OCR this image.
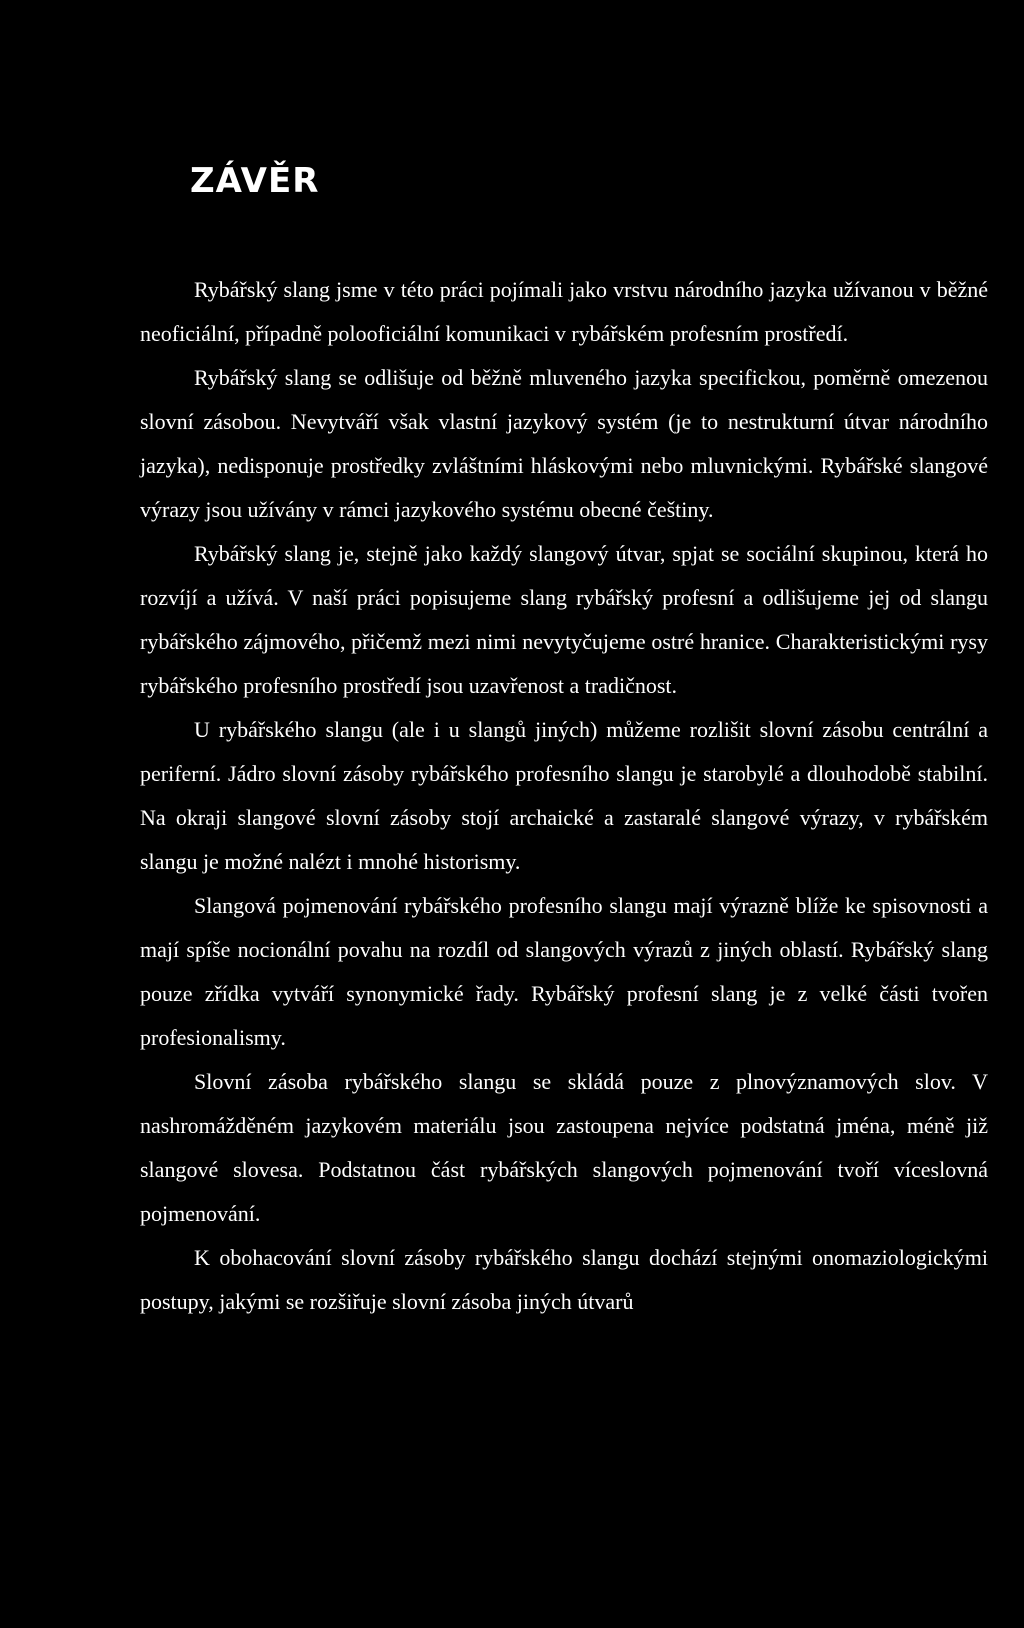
ZÁVĚR

Rybářský slang jsme v této práci pojímali jako vrstvu národního jazyka užívanou v běžné neoficiální, případně polooficiální komunikaci v rybářském profesním prostředí.

Rybářský slang se odlišuje od běžně mluveného jazyka specifickou, poměrně omezenou slovní zásobou. Nevytváří však vlastní jazykový systém (je to nestrukturní útvar národního jazyka), nedisponuje prostředky zvláštními hláskovými nebo mluvnickými. Rybářské slangové výrazy jsou užívány v rámci jazykového systému obecné češtiny.

Rybářský slang je, stejně jako každý slangový útvar, spjat se sociální skupinou, která ho rozvíjí a užívá. V naší práci popisujeme slang rybářský profesní a odlišujeme jej od slangu rybářského zájmového, přičemž mezi nimi nevytyčujeme ostré hranice. Charakteristickými rysy rybářského profesního prostředí jsou uzavřenost a tradičnost.

U rybářského slangu (ale i u slangů jiných) můžeme rozlišit slovní zásobu centrální a periferní. Jádro slovní zásoby rybářského profesního slangu je starobylé a dlouhodobě stabilní. Na okraji slangové slovní zásoby stojí archaické a zastaralé slangové výrazy, v rybářském slangu je možné nalézt i mnohé historismy.

Slangová pojmenování rybářského profesního slangu mají výrazně blíže ke spisovnosti a mají spíše nocionální povahu na rozdíl od slangových výrazů z jiných oblastí. Rybářský slang pouze zřídka vytváří synonymické řady. Rybářský profesní slang je z velké části tvořen profesionalismy.

Slovní zásoba rybářského slangu se skládá pouze z plnovýznamových slov. V nashromážděném jazykovém materiálu jsou zastoupena nejvíce podstatná jména, méně již slangové slovesa. Podstatnou část rybářských slangových pojmenování tvoří víceslovná pojmenování.

K obohacování slovní zásoby rybářského slangu dochází stejnými onomaziologickými postupy, jakými se rozšiřuje slovní zásoba jiných útvarů
